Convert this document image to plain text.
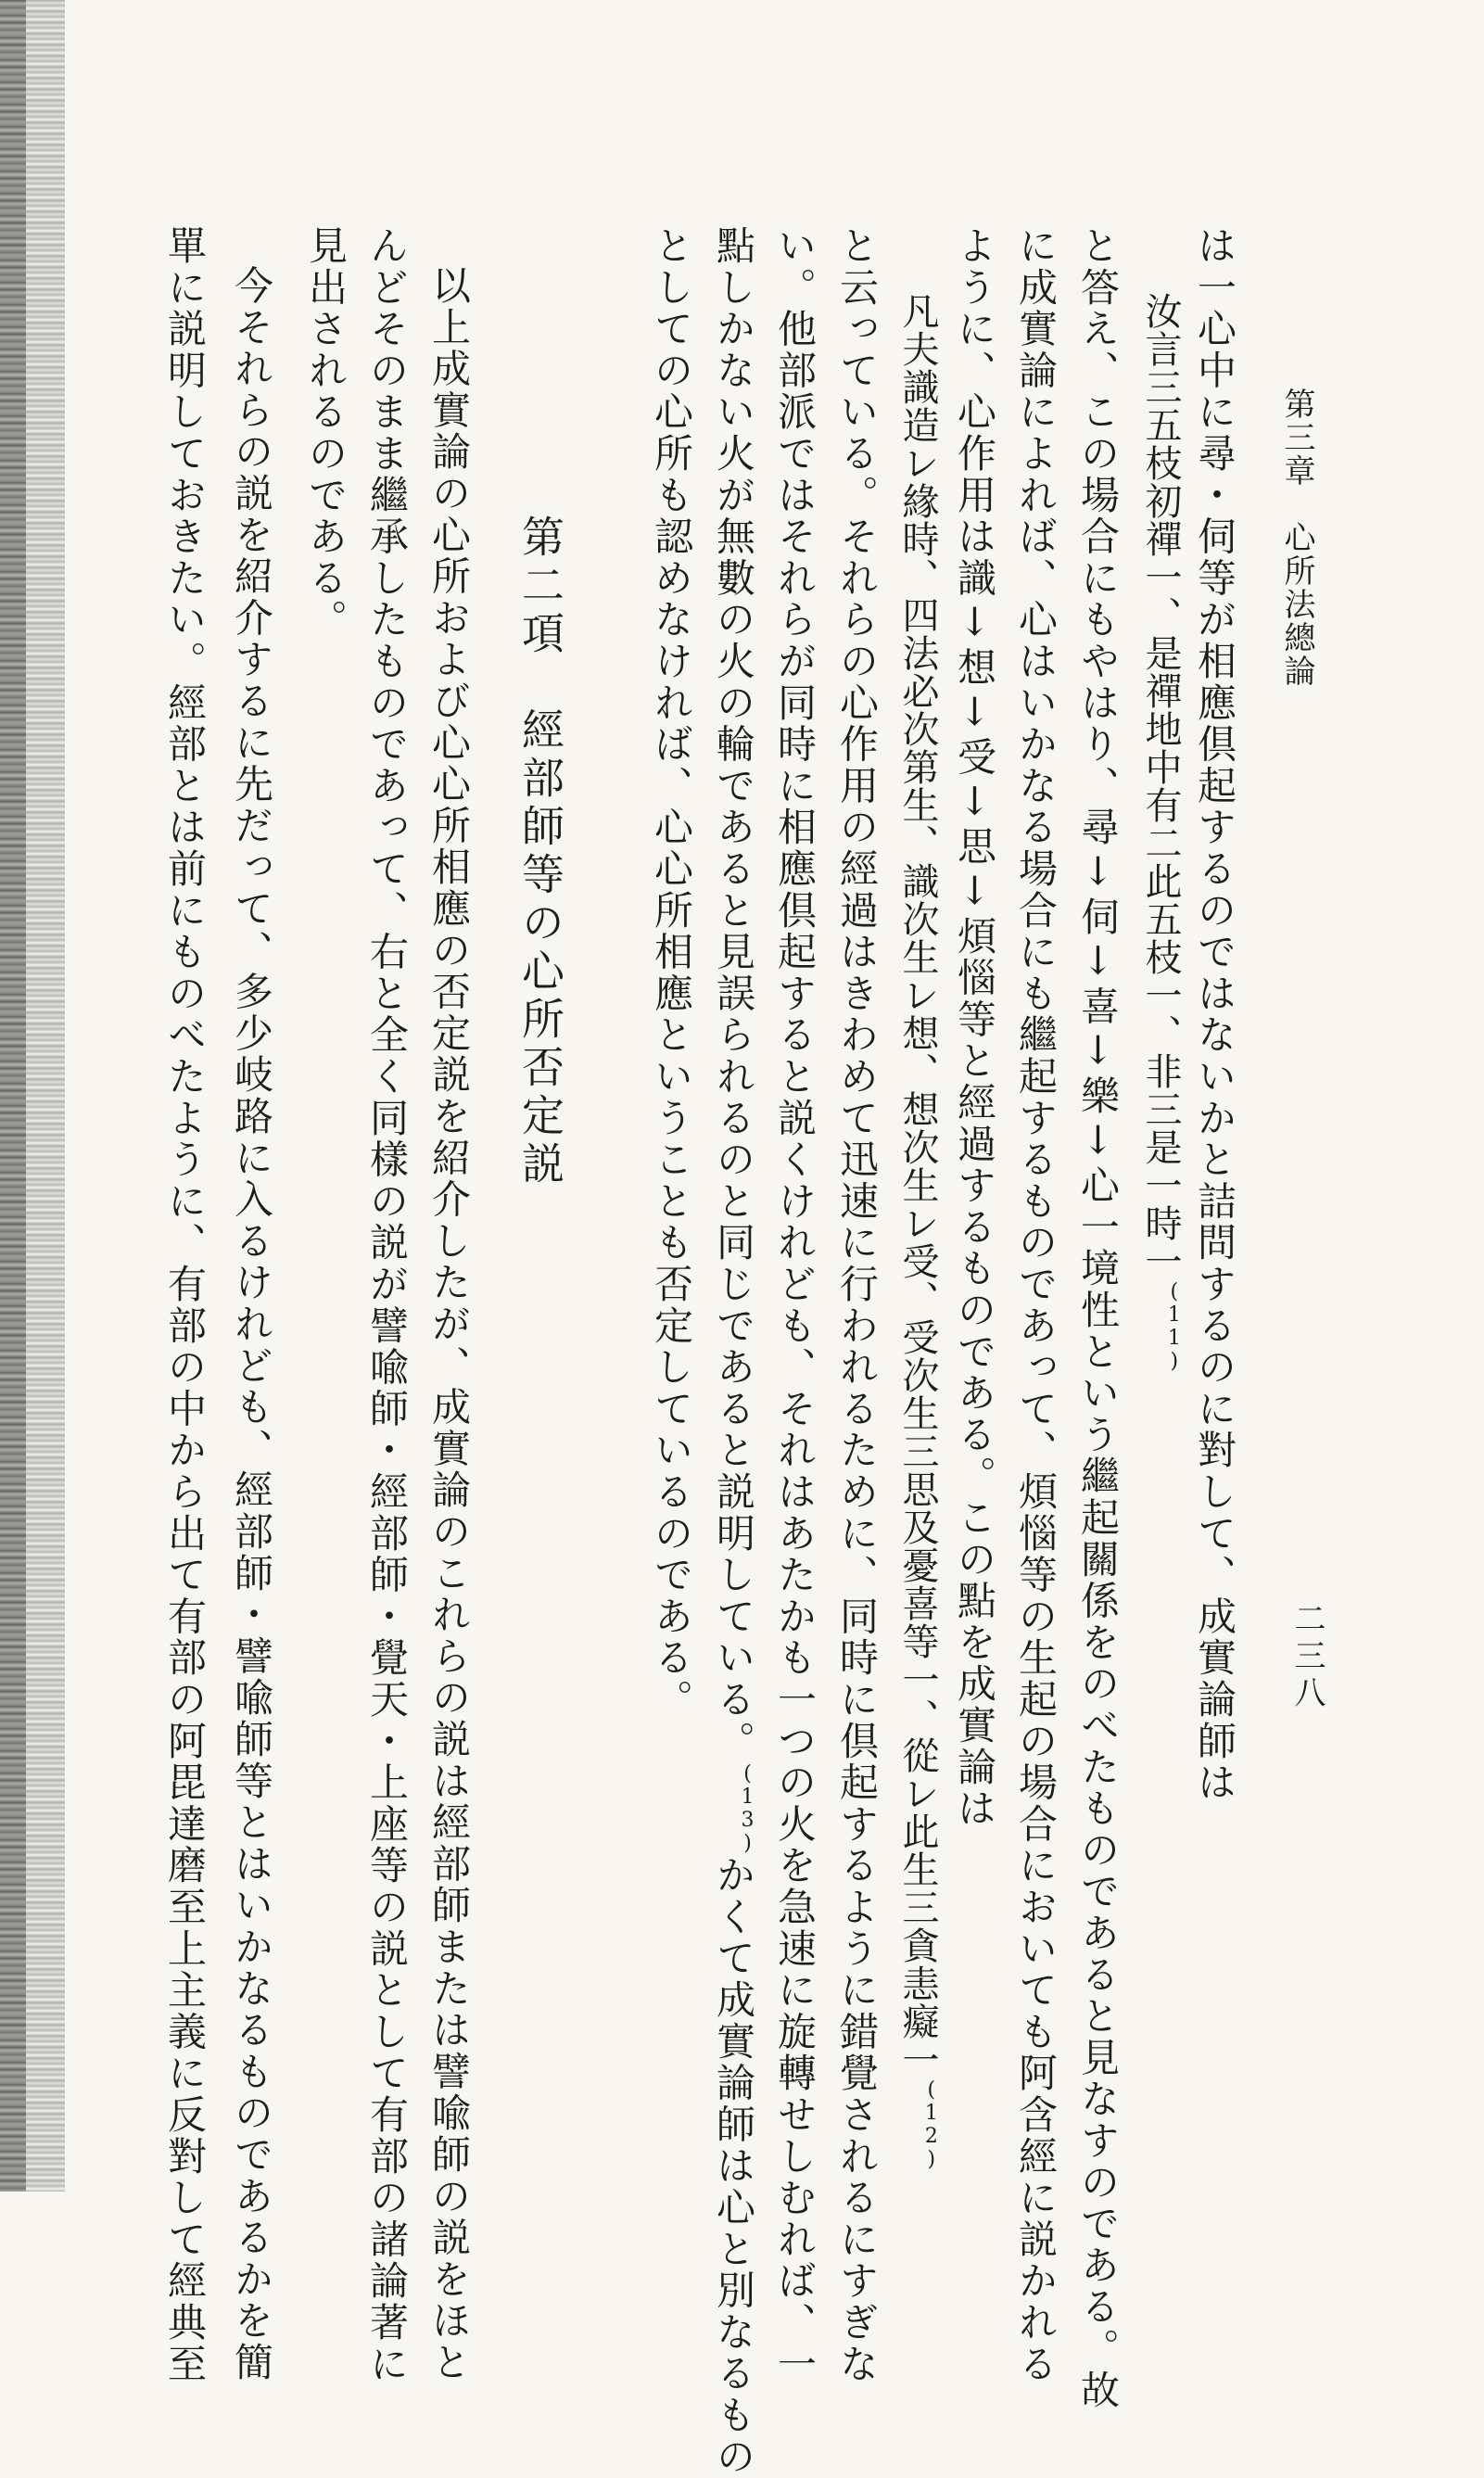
第三章　心所法總論
二三八
は一心中に尋・伺等が相應倶起するのではないかと詰問するのに對して、成實論師は
汝言三五枝初禪一、是禪地中有二此五枝一、非三是一時一$^{(11)}$
と答え、この場合にもやはり、尋↓伺↓喜↓樂↓心一境性という繼起關係をのべたものであると見なすのである。故
に成實論によれば、心はいかなる場合にも繼起するものであって、煩惱等の生起の場合においても阿含經に説かれる
ように、心作用は識↓想↓受↓思↓煩惱等と經過するものである。この點を成實論は
凡夫識造レ緣時、四法必次第生、識次生レ想、想次生レ受、受次生三思及憂喜等一、從レ此生三貪恚癡一$^{(12)}$
と云っている。それらの心作用の經過はきわめて迅速に行われるために、同時に倶起するように錯覺されるにすぎな
い。他部派ではそれらが同時に相應倶起すると説くけれども、それはあたかも一つの火を急速に旋轉せしむれば、一
點しかない火が無數の火の輪であると見誤られるのと同じであると説明している。$^{(13)}$かくて成實論師は心と別なるもの
としての心所も認めなければ、心心所相應ということも否定しているのである。
第二項　經部師等の心所否定説
以上成實論の心所および心心所相應の否定説を紹介したが、成實論のこれらの説は經部師または譬喩師の説をほと
んどそのまま繼承したものであって、右と全く同樣の説が譬喩師・經部師・覺天・上座等の説として有部の諸論著に
見出されるのである。
今それらの説を紹介するに先だって、多少岐路に入るけれども、經部師・譬喩師等とはいかなるものであるかを簡
單に説明しておきたい。經部とは前にものべたように、有部の中から出て有部の阿毘達磨至上主義に反對して經典至
